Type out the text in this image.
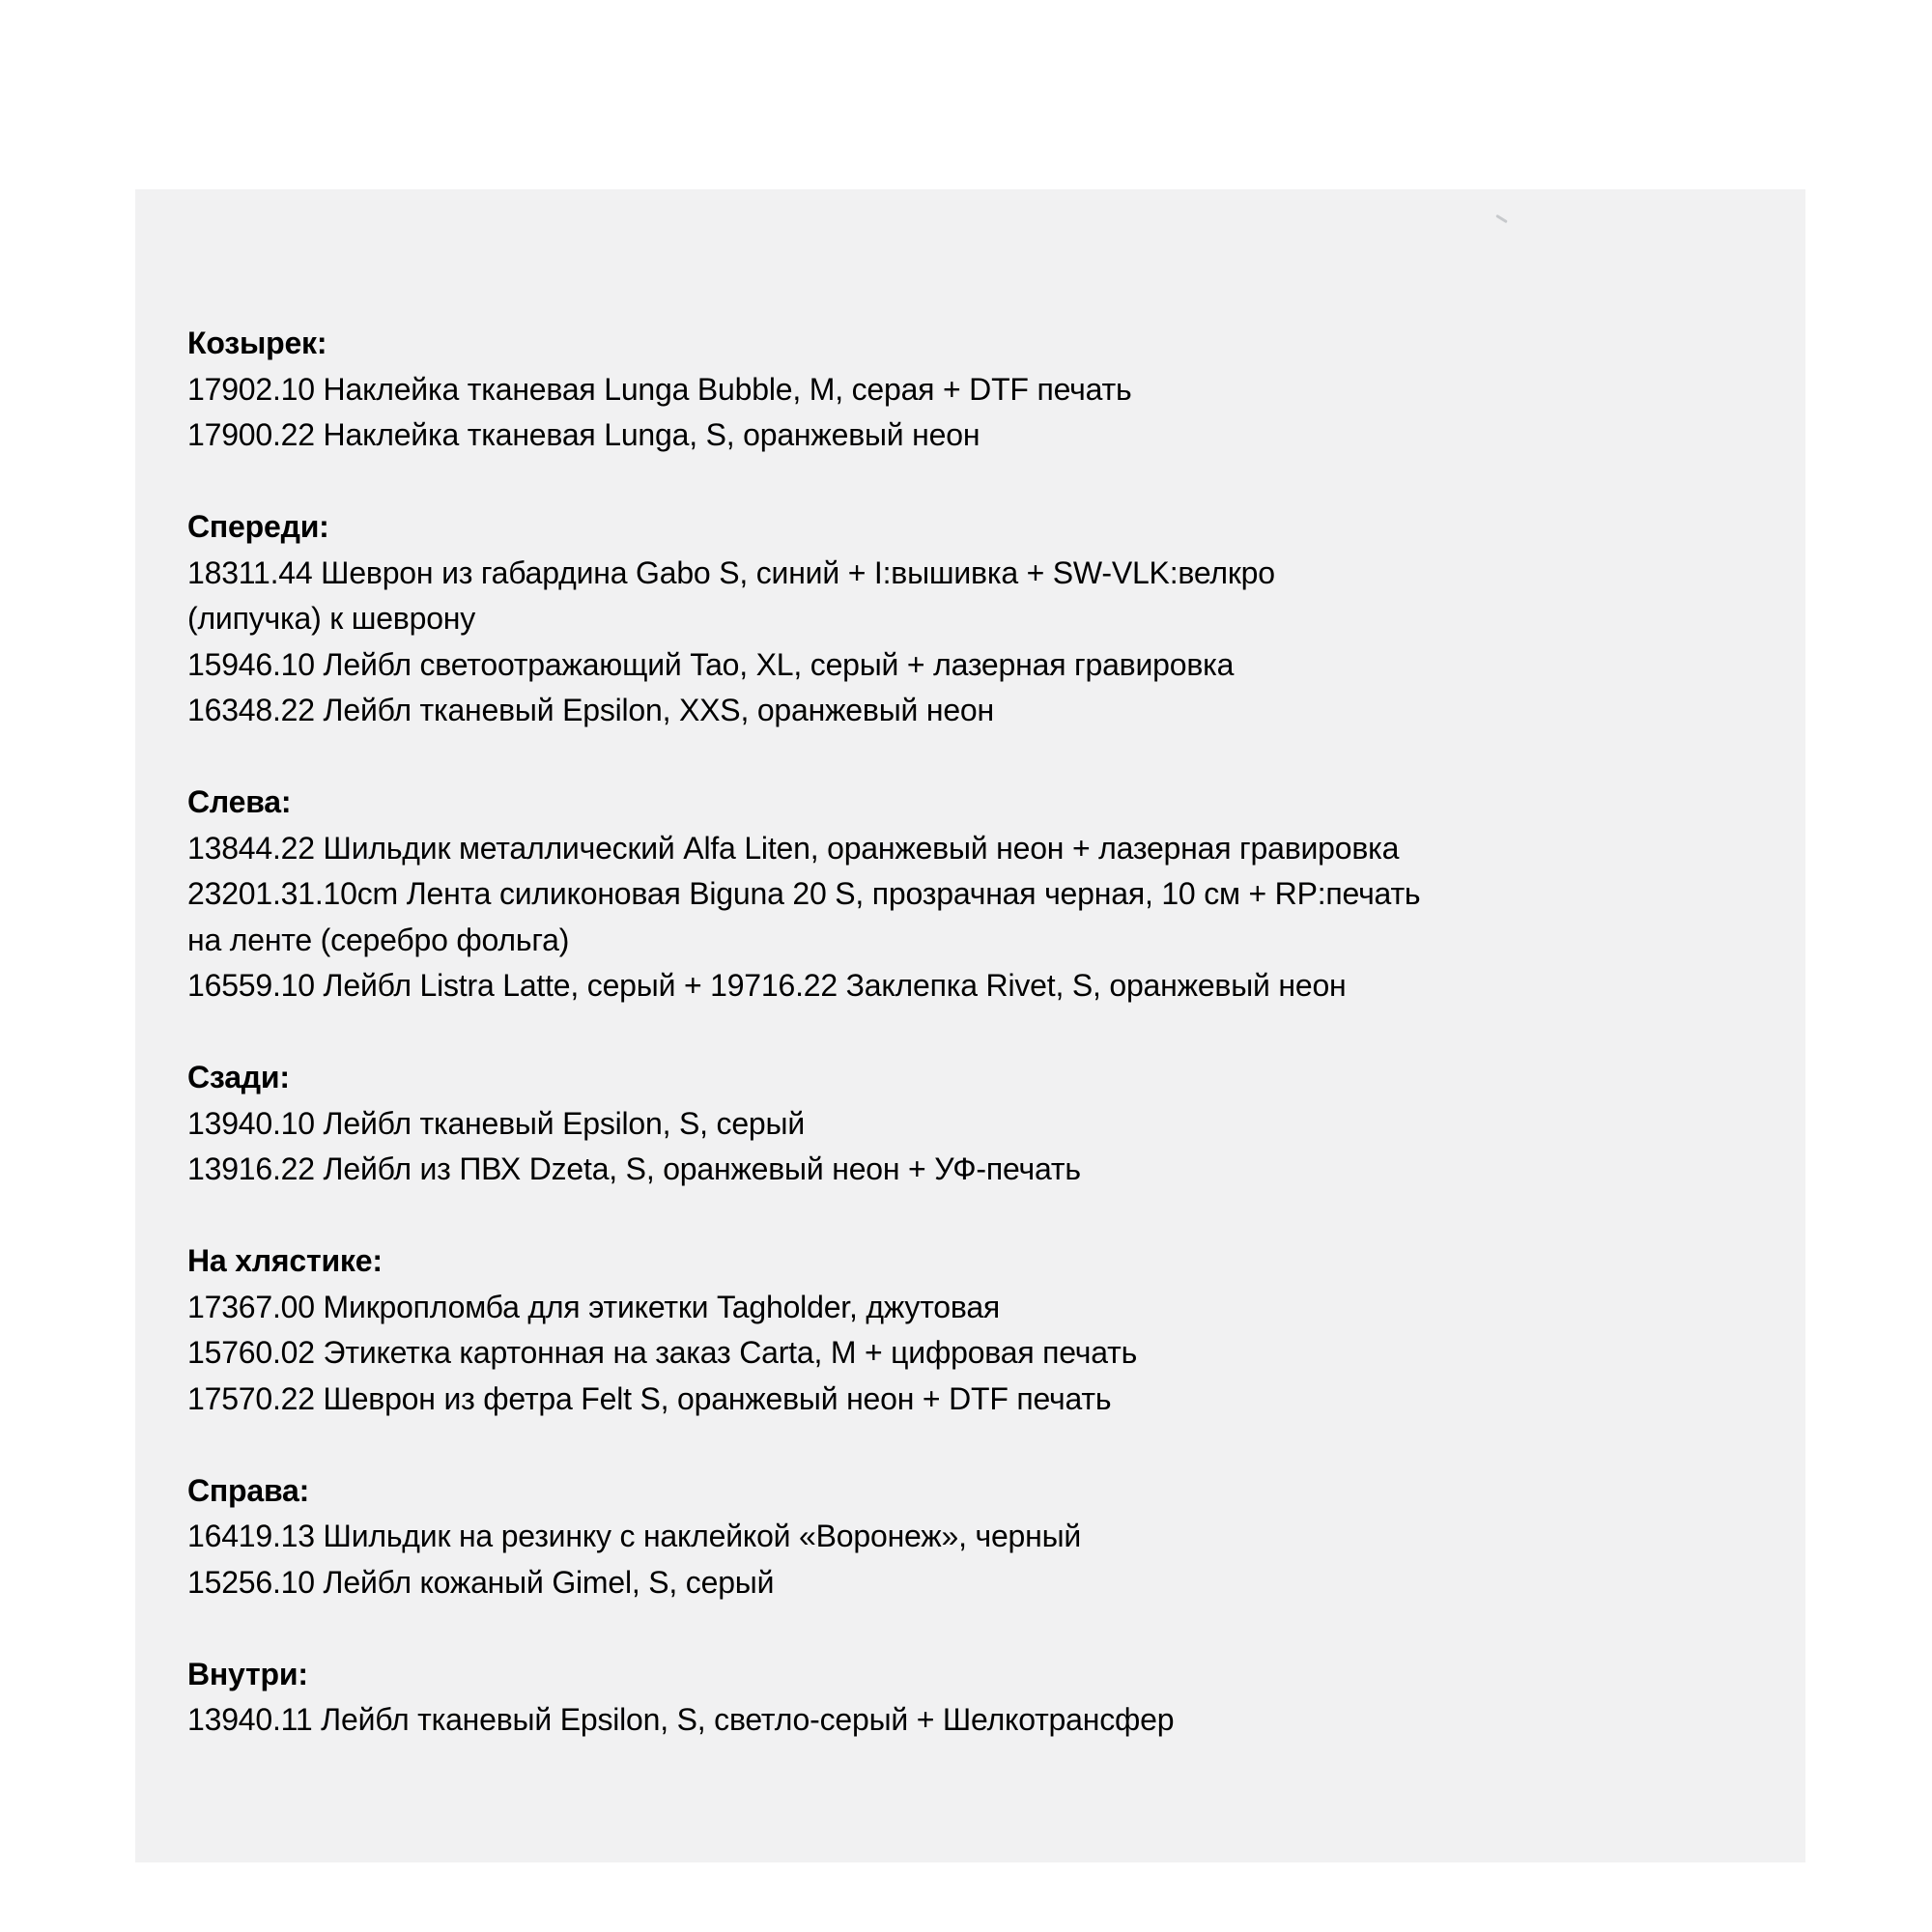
Козырек:
17902.10 Наклейка тканевая Lunga Bubble, M, серая + DTF печать
17900.22 Наклейка тканевая Lunga, S, оранжевый неон
Спереди:
18311.44 Шеврон из габардина Gabo S, синий + I:вышивка + SW-VLK:велкро
(липучка) к шеврону
15946.10 Лейбл светоотражающий Tao, XL, серый + лазерная гравировка
16348.22 Лейбл тканевый Epsilon, XXS, оранжевый неон
Слева:
13844.22 Шильдик металлический Alfa Liten, оранжевый неон + лазерная гравировка
23201.31.10cm Лента силиконовая Biguna 20 S, прозрачная черная, 10 см + RP:печать
на ленте (серебро фольга)
16559.10 Лейбл Listra Latte, серый + 19716.22 Заклепка Rivet, S, оранжевый неон
Сзади:
13940.10 Лейбл тканевый Epsilon, S, серый
13916.22 Лейбл из ПВХ Dzeta, S, оранжевый неон + УФ-печать
На хлястике:
17367.00 Микропломба для этикетки Tagholder, джутовая
15760.02 Этикетка картонная на заказ Carta, M + цифровая печать
17570.22 Шеврон из фетра Felt S, оранжевый неон + DTF печать
Справа:
16419.13 Шильдик на резинку с наклейкой «Воронеж», черный
15256.10 Лейбл кожаный Gimel, S, серый
Внутри:
13940.11 Лейбл тканевый Epsilon, S, светло-серый + Шелкотрансфер
